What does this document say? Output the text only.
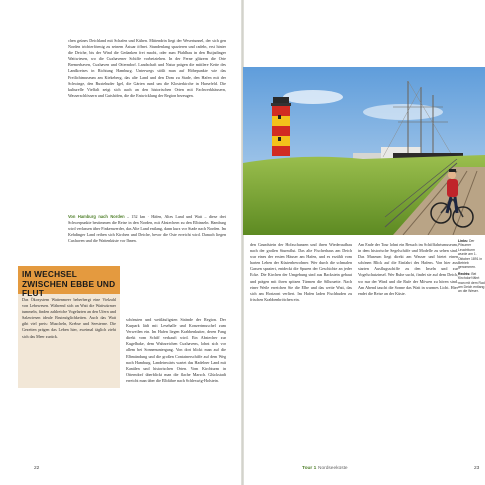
chen grünes Deichland mit Schafen und Kühen. Mittendrin liegt der Wesertunnel, der sich gen Norden trichterförmig zu seinem Ästuar öffnet. Stundenlang spazieren und radeln, erst hinter die Deiche, bis der Wind die Gedanken frei macht, oder zum Pfahlbau in den Butjadinger Wattwiesen, wo die Cuxhavener Schiffe vorbeiziehen. In der Ferne glitzern die Orte Bremerhaven, Cuxhaven und Otterndorf. Landschaft und Natur prägen die mittlere Kette des Landkreises in Richtung Hamburg. Unterwegs stößt man auf Höhepunkte wie das Freilichtmuseum am Kiekeberg, das alte Land und den Dom zu Stade, den Hafen mit der Schwinge, den Buxtehuder Igel, die Gärten rund um die Klosterkirche in Harsefeld. Die kulturelle Vielfalt zeigt sich auch an den historischen Orten mit Fachwerkhäusern, Wasserschlössern und Gutshöfen, die die Entwicklung der Region bezeugen.

Von Hamburg nach Norden – 152 km · Häfen, Altes Land und Watt – diese drei Schwerpunkte bestimmen die Reise in den Norden, mit Abstechern zu den Elbinseln. Hamburg wird verlassen über Finkenwerder, das Alte Land entlang, dann kurz vor Stade nach Norden. Im Kehdinger Land reihen sich Kirchen und Deiche, bevor die Oste erreicht wird. Danach liegen Cuxhaven und die Wattenküste vor Ihnen.

IM WECHSEL ZWISCHEN EBBE UND FLUT
Das Ökosystem Wattenmeer beherbergt eine Vielzahl von Lebewesen. Während sich an Watt die Wattwürmer tummeln, finden zahlreiche Vogelarten an den Ufern und Salzwiesen ideale Brutmöglichkeiten. Auch das Watt gibt viel preis: Muscheln, Krebse und Seesterne. Die Gezeiten prägen das Leben hier, zweimal täglich zieht sich das Meer zurück.

schönsten und weitläufigsten Strände der Region. Der Kurpark lädt mit Lesehalle und Konzertmuschel zum Verweilen ein. Im Hafen liegen Krabbenkutter, deren Fang direkt vom Schiff verkauft wird. Ein Abstecher zur Kugelbake, dem Wahrzeichen Cuxhavens, lohnt sich vor allem bei Sonnenuntergang. Von dort blickt man auf die Elbmündung und die großen Containerschiffe auf dem Weg nach Hamburg. Landeinwärts wartet das Hadelner Land mit Kanälen und historischen Orten. Vom Kirchturm in Otterndorf überblickt man die flache Marsch. Glückstadt erreicht man über die Elbfähre nach Schleswig-Holstein.

22

den Grundstein der Holzschanzen und ihren Wiederaufbau nach der großen Sturmflut. Das alte Fischerhaus am Deich war eines der ersten Häuser am Hafen, und es erzählt vom harten Leben der Küstenbewohner. Wer durch die schmalen Gassen spaziert, entdeckt die Spuren der Geschichte an jeder Ecke. Die Kirchen der Umgebung sind aus Backstein gebaut und prägen mit ihren spitzen Türmen die Silhouette. Nach einer Weile erreichen Sie die Elbe und das weite Watt, das sich am Horizont verliert. Im Hafen laden Fischbuden zu frischen Krabbenbrötchen ein.

Am Ende der Tour lohnt ein Besuch im Schifffahrtsmuseum, in dem historische Segelschiffe und Modelle zu sehen sind. Das Museum liegt direkt am Wasser und bietet einen schönen Blick auf die Einfahrt des Hafens. Von hier aus starten Ausflugsschiffe zu den Inseln und zur Vogelschutzinsel. Wer Ruhe sucht, findet sie auf dem Deich, wo nur der Wind und die Rufe der Möwen zu hören sind. Am Abend taucht die Sonne das Watt in warmes Licht. Hier endet die Reise an der Küste.

Links: Der Pilsumer Leuchtturm wurde am 1. Oktober 1891 in Betrieb genommen.

Rechts: Bei Kirchdorf fährt man mit dem Rad am Deich entlang an die Weser.

Tour 1 Nordseeküste	23
